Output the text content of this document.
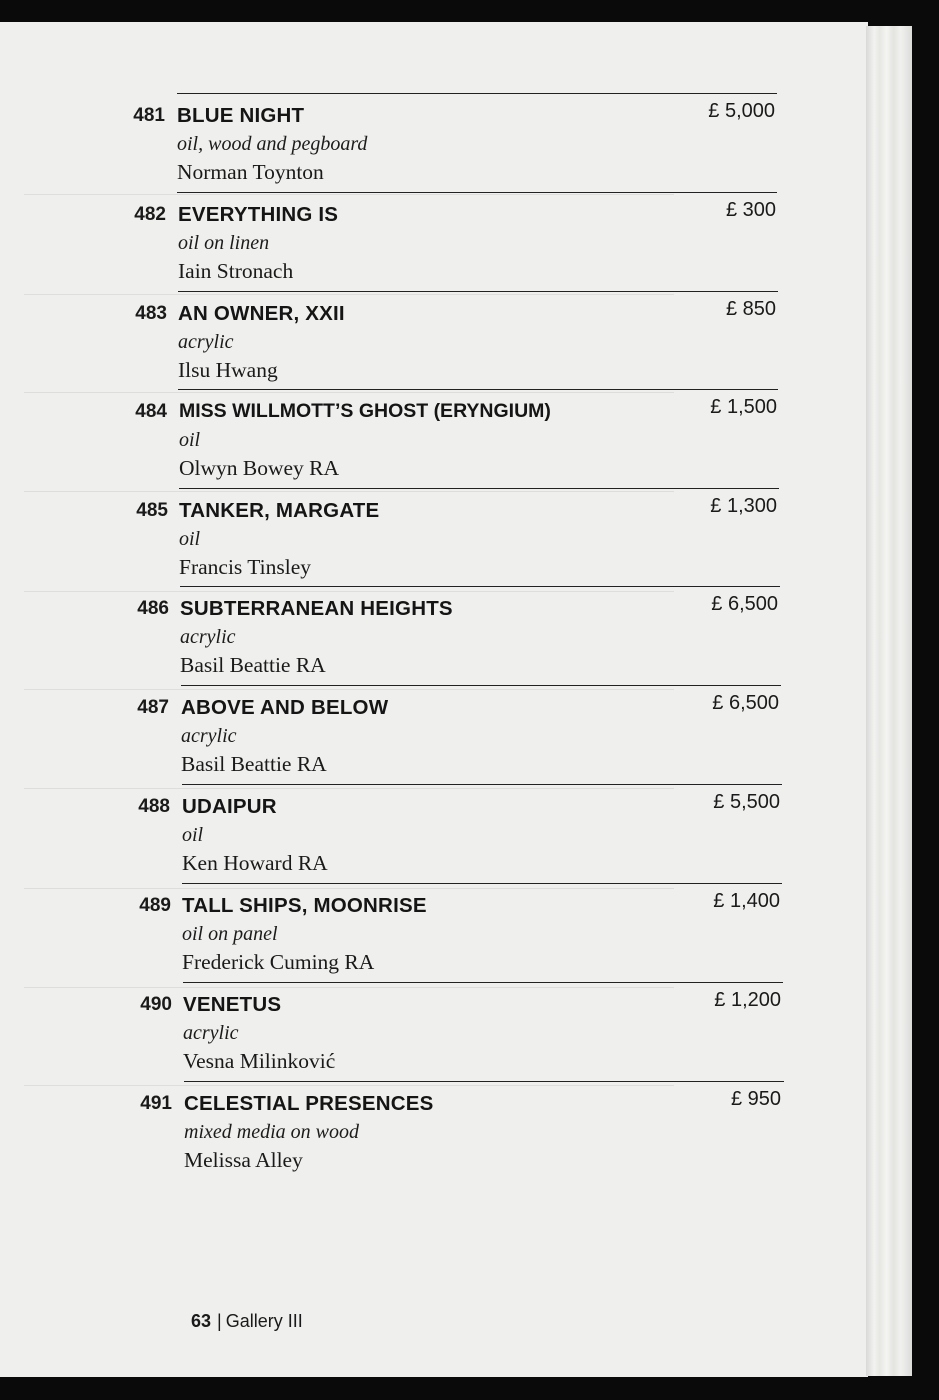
481 BLUE NIGHT
oil, wood and pegboard
Norman Toynton
£ 5,000
482 EVERYTHING IS
oil on linen
Iain Stronach
£ 300
483 AN OWNER, XXII
acrylic
Ilsu Hwang
£ 850
484 MISS WILLMOTT’S GHOST (ERYNGIUM)
oil
Olwyn Bowey RA
£ 1,500
485 TANKER, MARGATE
oil
Francis Tinsley
£ 1,300
486 SUBTERRANEAN HEIGHTS
acrylic
Basil Beattie RA
£ 6,500
487 ABOVE AND BELOW
acrylic
Basil Beattie RA
£ 6,500
488 UDAIPUR
oil
Ken Howard RA
£ 5,500
489 TALL SHIPS, MOONRISE
oil on panel
Frederick Cuming RA
£ 1,400
490 VENETUS
acrylic
Vesna Milinković
£ 1,200
491 CELESTIAL PRESENCES
mixed media on wood
Melissa Alley
£ 950
63 | Gallery III
